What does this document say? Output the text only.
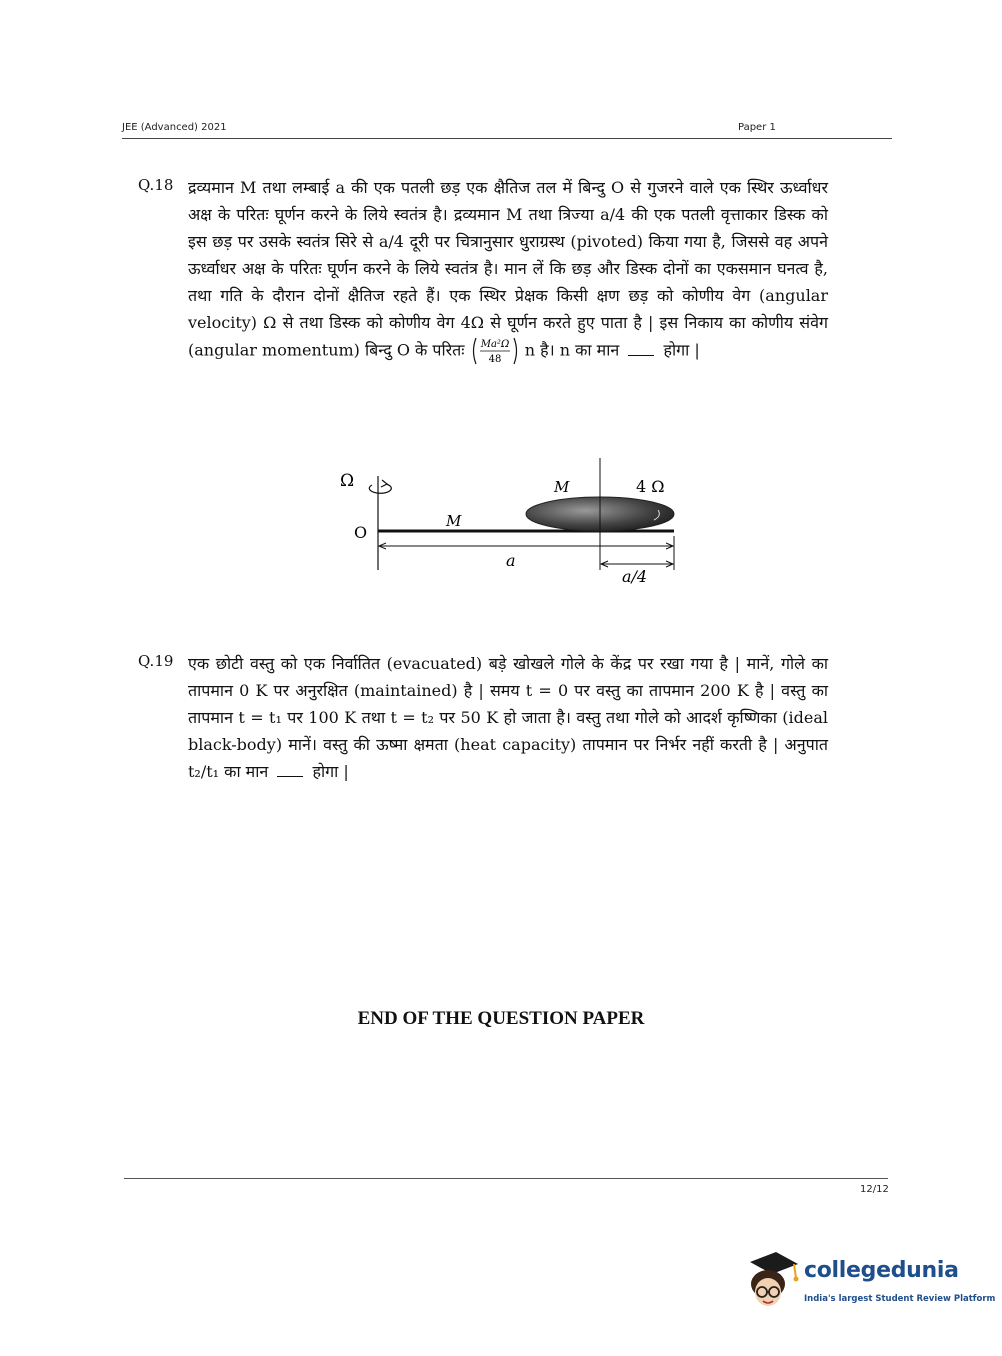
JEE (Advanced) 2021	Paper 1
Q.18 द्रव्यमान M तथा लम्बाई a की एक पतली छड़ एक क्षैतिज तल में बिन्दु O से गुजरने वाले एक स्थिर ऊर्ध्वाधर अक्ष के परितः घूर्णन करने के लिये स्वतंत्र है। द्रव्यमान M तथा त्रिज्या a/4 की एक पतली वृत्ताकार डिस्क को इस छड़ पर उसके स्वतंत्र सिरे से a/4 दूरी पर चित्रानुसार धुराग्रस्थ (pivoted) किया गया है, जिससे वह अपने ऊर्ध्वाधर अक्ष के परितः घूर्णन करने के लिये स्वतंत्र है। मान लें कि छड़ और डिस्क दोनों का एकसमान घनत्व है, तथा गति के दौरान दोनों क्षैतिज रहते हैं। एक स्थिर प्रेक्षक किसी क्षण छड़ को कोणीय वेग (angular velocity) Ω से तथा डिस्क को कोणीय वेग 4Ω से घूर्णन करते हुए पाता है | इस निकाय का कोणीय संवेग (angular momentum) बिन्दु O के परितः Ma²Ω
48 n है। n का मान	होगा |
Ω
O
M
M	4 Ω
a
a/4
Q.19 एक छोटी वस्तु को एक निर्वातित (evacuated) बड़े खोखले गोले के केंद्र पर रखा गया है | मानें, गोले का तापमान 0 K पर अनुरक्षित (maintained) है | समय t = 0 पर वस्तु का तापमान 200 K है | वस्तु का तापमान t = t₁ पर 100 K तथा t = t₂ पर 50 K हो जाता है। वस्तु तथा गोले को आदर्श कृष्णिका (ideal black-body) मानें। वस्तु की ऊष्मा क्षमता (heat capacity) तापमान पर निर्भर नहीं करती है | अनुपात t₂/t₁ का मान	होगा |
END OF THE QUESTION PAPER
12/12
collegedunia
India's largest Student Review Platform
